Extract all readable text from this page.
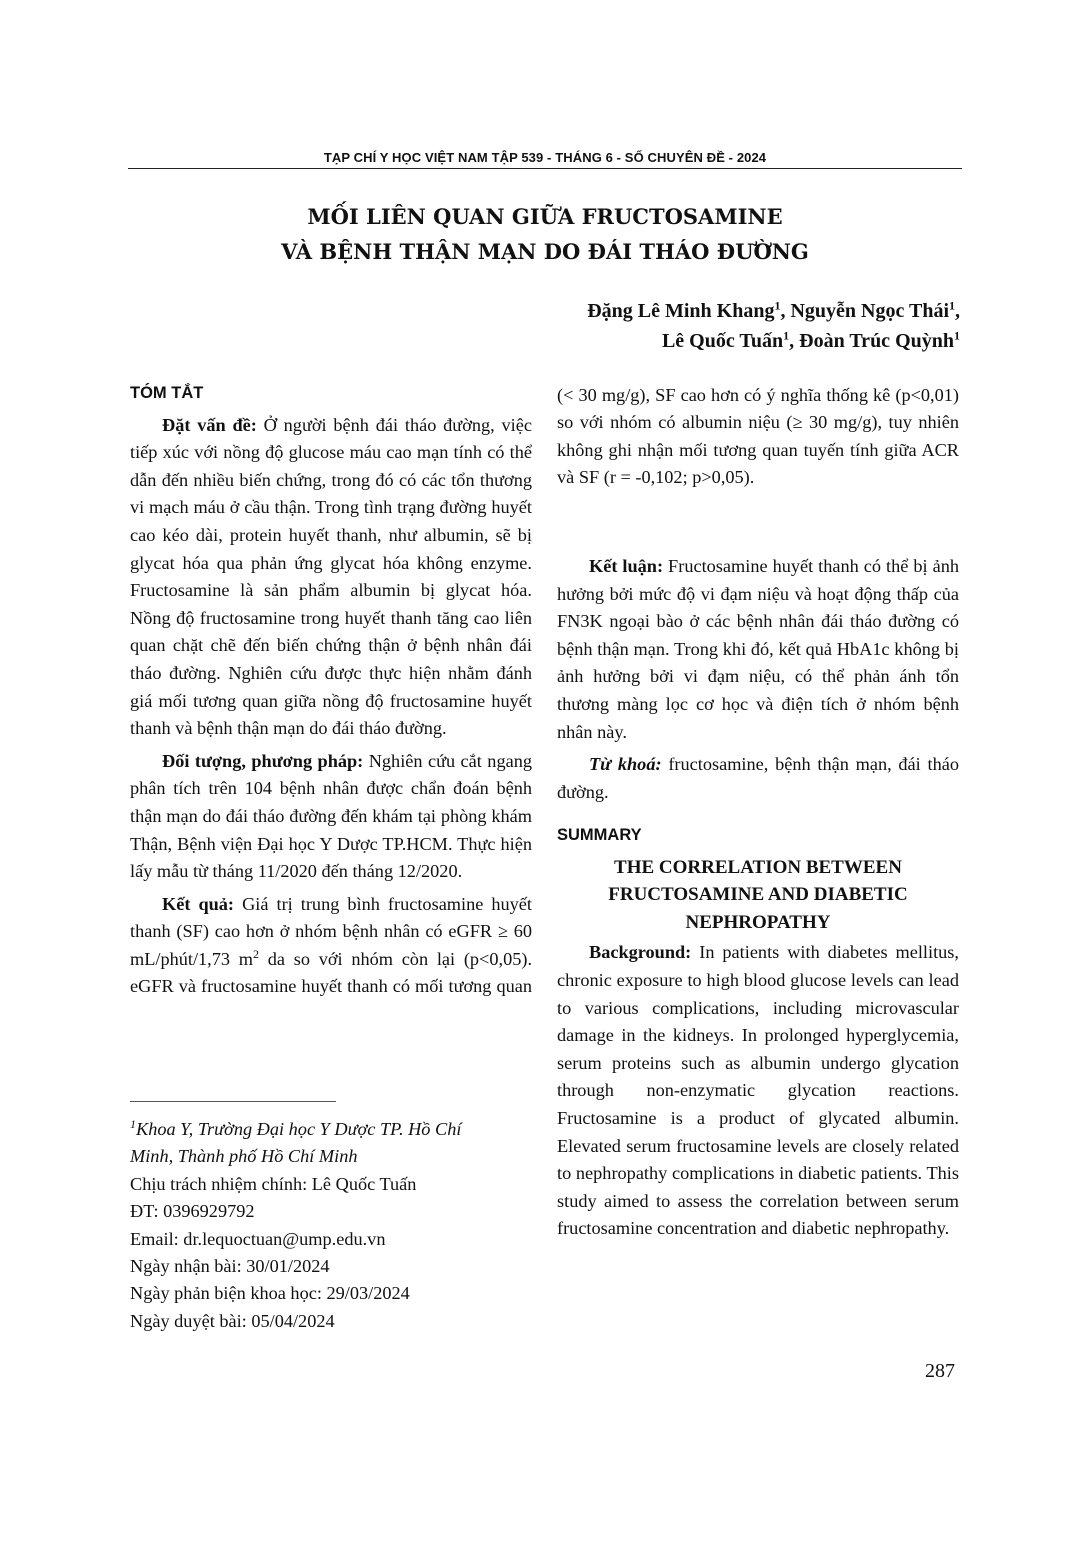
TẠP CHÍ Y HỌC VIỆT NAM TẬP 539 - THÁNG 6 - SỐ CHUYÊN ĐỀ - 2024
MỐI LIÊN QUAN GIỮA FRUCTOSAMINE
VÀ BỆNH THẬN MẠN DO ĐÁI THÁO ĐƯỜNG
Đặng Lê Minh Khang$^1$, Nguyễn Ngọc Thái$^1$,
Lê Quốc Tuấn$^1$, Đoàn Trúc Quỳnh$^1$
TÓM TẮT

Đặt vấn đề: Ở người bệnh đái tháo đường, việc tiếp xúc với nồng độ glucose máu cao mạn tính có thể dẫn đến nhiều biến chứng, trong đó có các tổn thương vi mạch máu ở cầu thận. Trong tình trạng đường huyết cao kéo dài, protein huyết thanh, như albumin, sẽ bị glycat hóa qua phản ứng glycat hóa không enzyme. Fructosamine là sản phẩm albumin bị glycat hóa. Nồng độ fructosamine trong huyết thanh tăng cao liên quan chặt chẽ đến biến chứng thận ở bệnh nhân đái tháo đường. Nghiên cứu được thực hiện nhằm đánh giá mối tương quan giữa nồng độ fructosamine huyết thanh và bệnh thận mạn do đái tháo đường.

Đối tượng, phương pháp: Nghiên cứu cắt ngang phân tích trên 104 bệnh nhân được chẩn đoán bệnh thận mạn do đái tháo đường đến khám tại phòng khám Thận, Bệnh viện Đại học Y Dược TP.HCM. Thực hiện lấy mẫu từ tháng 11/2020 đến tháng 12/2020.

Kết quả: Giá trị trung bình fructosamine huyết thanh (SF) cao hơn ở nhóm bệnh nhân có eGFR ≥ 60 mL/phút/1,73 $m^2$ da so với nhóm còn lại (p<0,05). eGFR và fructosamine huyết thanh có mối tương quan

$^1$Khoa Y, Trường Đại học Y Dược TP. Hồ Chí
Minh, Thành phố Hồ Chí Minh
Chịu trách nhiệm chính: Lê Quốc Tuấn
ĐT: 0396929792
Email: dr.lequoctuan@ump.edu.vn
Ngày nhận bài: 30/01/2024
Ngày phản biện khoa học: 29/03/2024
Ngày duyệt bài: 05/04/2024

(< 30 mg/g), SF cao hơn có ý nghĩa thống kê (p<0,01) so với nhóm có albumin niệu (≥ 30 mg/g), tuy nhiên không ghi nhận mối tương quan tuyến tính giữa ACR và SF (r = -0,102; p>0,05).

Kết luận: Fructosamine huyết thanh có thể bị ảnh hưởng bởi mức độ vi đạm niệu và hoạt động thấp của FN3K ngoại bào ở các bệnh nhân đái tháo đường có bệnh thận mạn. Trong khi đó, kết quả HbA1c không bị ảnh hưởng bởi vi đạm niệu, có thể phản ánh tổn thương màng lọc cơ học và điện tích ở nhóm bệnh nhân này.

Từ khoá: fructosamine, bệnh thận mạn, đái tháo đường.

SUMMARY
THE CORRELATION BETWEEN
FRUCTOSAMINE AND DIABETIC
NEPHROPATHY

Background: In patients with diabetes mellitus, chronic exposure to high blood glucose levels can lead to various complications, including microvascular damage in the kidneys. In prolonged hyperglycemia, serum proteins such as albumin undergo glycation through non-enzymatic glycation reactions. Fructosamine is a product of glycated albumin. Elevated serum fructosamine levels are closely related to nephropathy complications in diabetic patients. This study aimed to assess the correlation between serum fructosamine concentration and diabetic nephropathy.

287
